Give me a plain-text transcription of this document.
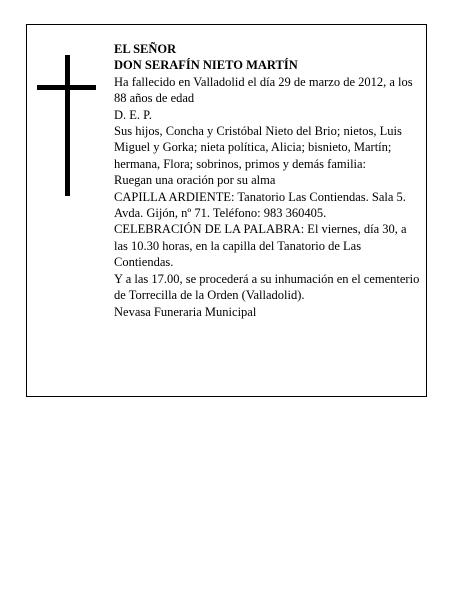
EL SEÑOR

DON SERAFÍN NIETO MARTÍN

Ha fallecido en Valladolid el día 29 de marzo de 2012, a los 88 años de edad

D. E. P.

Sus hijos, Concha y Cristóbal Nieto del Brio; nietos, Luis Miguel y Gorka; nieta política, Alicia; bisnieto, Martín; hermana, Flora; sobrinos, primos y demás familia:

Ruegan una oración por su alma

CAPILLA ARDIENTE: Tanatorio Las Contiendas. Sala 5. Avda. Gijón, nº 71. Teléfono: 983 360405.

CELEBRACIÓN DE LA PALABRA: El viernes, día 30, a las 10.30 horas, en la capilla del Tanatorio de Las Contiendas.

Y a las 17.00, se procederá a su inhumación en el cementerio de Torrecilla de la Orden (Valladolid).

Nevasa Funeraria Municipal
